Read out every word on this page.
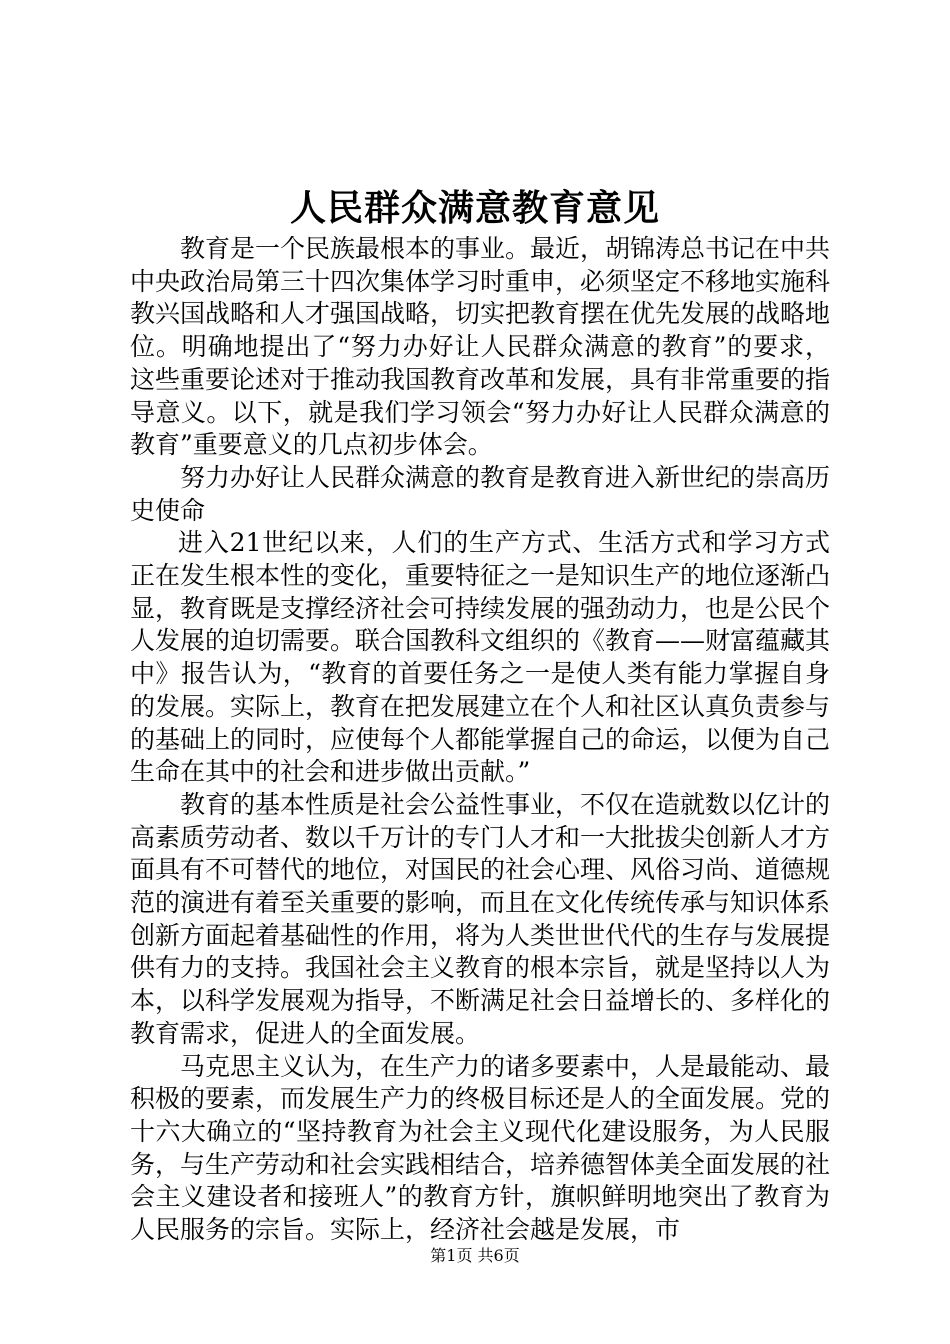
人民群众满意教育意见

教育是一个民族最根本的事业。最近，胡锦涛总书记在中共中央政治局第三十四次集体学习时重申，必须坚定不移地实施科教兴国战略和人才强国战略，切实把教育摆在优先发展的战略地位。明确地提出了“努力办好让人民群众满意的教育”的要求，这些重要论述对于推动我国教育改革和发展，具有非常重要的指导意义。以下，就是我们学习领会“努力办好让人民群众满意的教育”重要意义的几点初步体会。

努力办好让人民群众满意的教育是教育进入新世纪的崇高历史使命

进入21世纪以来，人们的生产方式、生活方式和学习方式正在发生根本性的变化，重要特征之一是知识生产的地位逐渐凸显，教育既是支撑经济社会可持续发展的强劲动力，也是公民个人发展的迫切需要。联合国教科文组织的《教育——财富蕴藏其中》报告认为，“教育的首要任务之一是使人类有能力掌握自身的发展。实际上，教育在把发展建立在个人和社区认真负责参与的基础上的同时，应使每个人都能掌握自己的命运，以便为自己生命在其中的社会和进步做出贡献。”

教育的基本性质是社会公益性事业，不仅在造就数以亿计的高素质劳动者、数以千万计的专门人才和一大批拔尖创新人才方面具有不可替代的地位，对国民的社会心理、风俗习尚、道德规范的演进有着至关重要的影响，而且在文化传统传承与知识体系创新方面起着基础性的作用，将为人类世世代代的生存与发展提供有力的支持。我国社会主义教育的根本宗旨，就是坚持以人为本，以科学发展观为指导，不断满足社会日益增长的、多样化的教育需求，促进人的全面发展。

马克思主义认为，在生产力的诸多要素中，人是最能动、最积极的要素，而发展生产力的终极目标还是人的全面发展。党的十六大确立的“坚持教育为社会主义现代化建设服务，为人民服务，与生产劳动和社会实践相结合，培养德智体美全面发展的社会主义建设者和接班人”的教育方针，旗帜鲜明地突出了教育为人民服务的宗旨。实际上，经济社会越是发展，市

第1页 共6页
